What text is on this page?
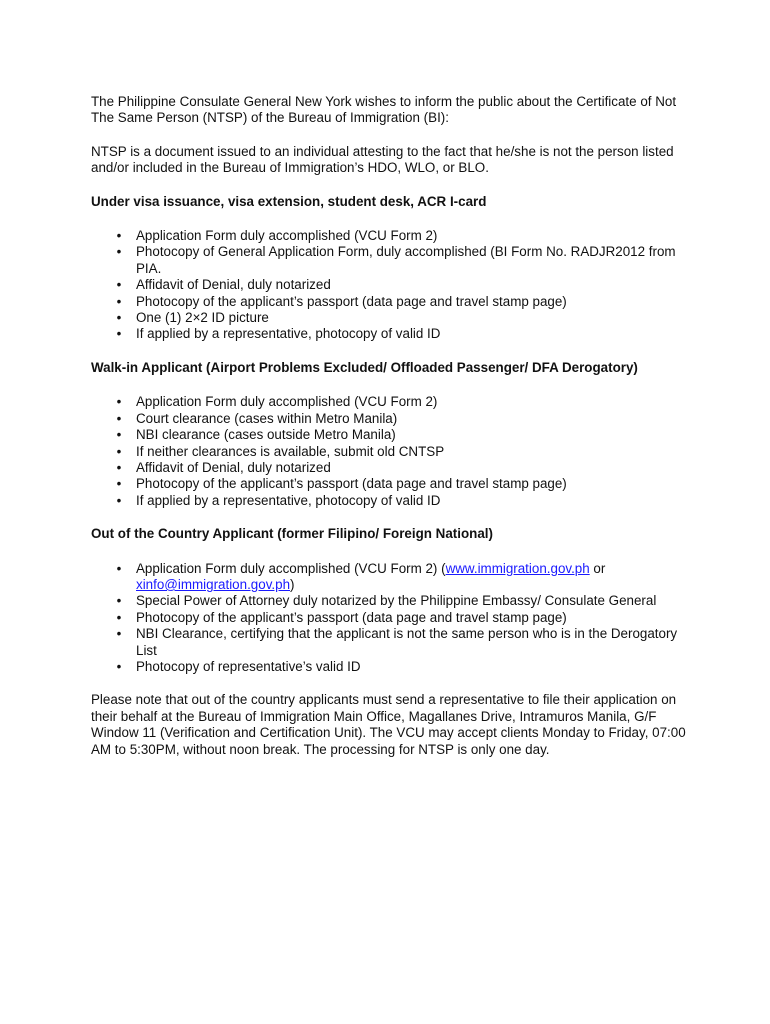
The Philippine Consulate General New York wishes to inform the public about the Certificate of Not The Same Person (NTSP) of the Bureau of Immigration (BI):

NTSP is a document issued to an individual attesting to the fact that he/she is not the person listed and/or included in the Bureau of Immigration’s HDO, WLO, or BLO.

Under visa issuance, visa extension, student desk, ACR I-card

• Application Form duly accomplished (VCU Form 2)
• Photocopy of General Application Form, duly accomplished (BI Form No. RADJR2012 from PIA.
• Affidavit of Denial, duly notarized
• Photocopy of the applicant’s passport (data page and travel stamp page)
• One (1) 2×2 ID picture
• If applied by a representative, photocopy of valid ID

Walk-in Applicant (Airport Problems Excluded/ Offloaded Passenger/ DFA Derogatory)

• Application Form duly accomplished (VCU Form 2)
• Court clearance (cases within Metro Manila)
• NBI clearance (cases outside Metro Manila)
• If neither clearances is available, submit old CNTSP
• Affidavit of Denial, duly notarized
• Photocopy of the applicant’s passport (data page and travel stamp page)
• If applied by a representative, photocopy of valid ID

Out of the Country Applicant (former Filipino/ Foreign National)

• Application Form duly accomplished (VCU Form 2) (www.immigration.gov.ph or xinfo@immigration.gov.ph)
• Special Power of Attorney duly notarized by the Philippine Embassy/ Consulate General
• Photocopy of the applicant’s passport (data page and travel stamp page)
• NBI Clearance, certifying that the applicant is not the same person who is in the Derogatory List
• Photocopy of representative’s valid ID

Please note that out of the country applicants must send a representative to file their application on their behalf at the Bureau of Immigration Main Office, Magallanes Drive, Intramuros Manila, G/F Window 11 (Verification and Certification Unit). The VCU may accept clients Monday to Friday, 07:00 AM to 5:30PM, without noon break. The processing for NTSP is only one day.
